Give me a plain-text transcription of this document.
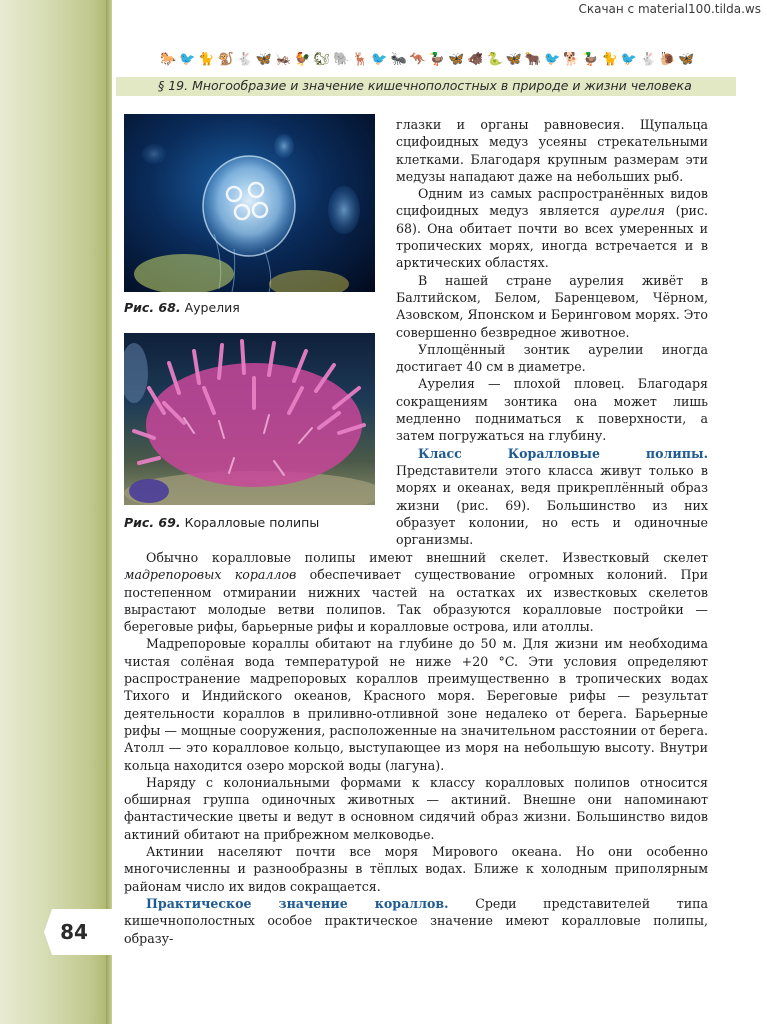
Скачан с material100.tilda.ws
🐎🐦🐈🐒🐇🦋🦗🐓🐿🐘🦌🐦🐜🦘🦆🦋🐗🐍🦋🐂🐦🐕🦆🐈🐦🐇🐌🦋
§ 19. Многообразие и значение кишечнополостных в природе и жизни человека
Рис. 68. Аурелия
Рис. 69. Коралловые полипы

глазки и органы равновесия. Щупальца сцифоидных медуз усеяны стрекательными клетками. Благодаря крупным размерам эти медузы нападают даже на небольших рыб.

Одним из самых распространённых видов сцифоидных медуз является аурелия (рис. 68). Она обитает почти во всех умеренных и тропических морях, иногда встречается и в арктических областях.

В нашей стране аурелия живёт в Балтийском, Белом, Баренцевом, Чёрном, Азовском, Японском и Беринговом морях. Это совершенно безвредное животное.

Уплощённый зонтик аурелии иногда достигает 40 см в диаметре.

Аурелия — плохой пловец. Благодаря сокращениям зонтика она может лишь медленно подниматься к поверхности, а затем погружаться на глубину.

Класс Коралловые полипы. Представители этого класса живут только в морях и океанах, ведя прикреплённый образ жизни (рис. 69). Большинство из них образует колонии, но есть и одиночные организмы.

Обычно коралловые полипы имеют внешний скелет. Известковый скелет мадрепоровых кораллов обеспечивает существование огромных колоний. При постепенном отмирании нижних частей на остатках их известковых скелетов вырастают молодые ветви полипов. Так образуются коралловые постройки — береговые рифы, барьерные рифы и коралловые острова, или атоллы.

Мадрепоровые кораллы обитают на глубине до 50 м. Для жизни им необходима чистая солёная вода температурой не ниже +20 °C. Эти условия определяют распространение мадрепоровых кораллов преимущественно в тропических водах Тихого и Индийского океанов, Красного моря. Береговые рифы — результат деятельности кораллов в приливно-отливной зоне недалеко от берега. Барьерные рифы — мощные сооружения, расположенные на значительном расстоянии от берега. Атолл — это коралловое кольцо, выступающее из моря на небольшую высоту. Внутри кольца находится озеро морской воды (лагуна).

Наряду с колониальными формами к классу коралловых полипов относится обширная группа одиночных животных — актиний. Внешне они напоминают фантастические цветы и ведут в основном сидячий образ жизни. Большинство видов актиний обитают на прибрежном мелководье.

Актинии населяют почти все моря Мирового океана. Но они особенно многочисленны и разнообразны в тёплых водах. Ближе к холодным приполярным районам число их видов сокращается.

Практическое значение кораллов. Среди представителей типа кишечнополостных особое практическое значение имеют коралловые полипы, образу-

84
